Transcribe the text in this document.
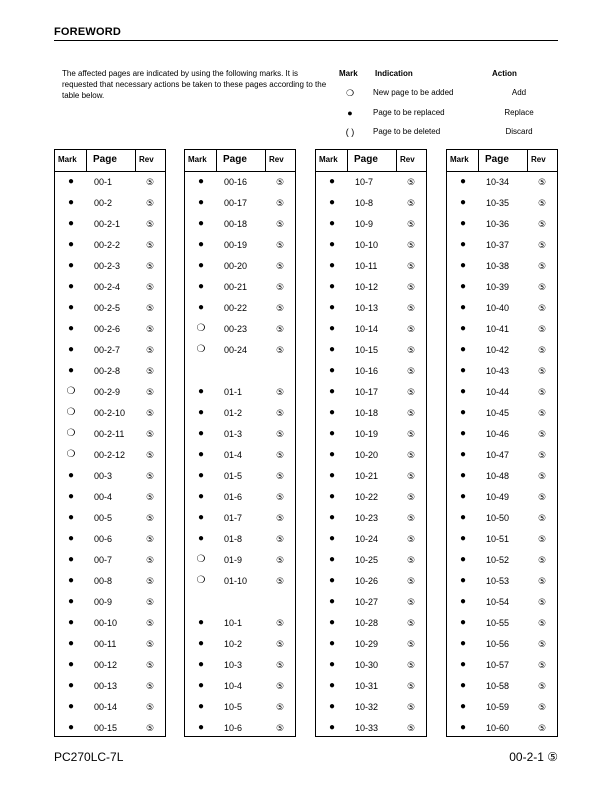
FOREWORD
The affected pages are indicated by using the following marks. It is requested that necessary actions be taken to these pages according to the table below.
Mark Indication	Action
❍	New page to be added	Add
●	Page to be replaced	Replace
( )	Page to be deleted	Discard
Mark Page	Rev
●	00-1	⑤
●	00-2	⑤
●	00-2-1	⑤
●	00-2-2	⑤
●	00-2-3	⑤
●	00-2-4	⑤
●	00-2-5	⑤
●	00-2-6	⑤
●	00-2-7	⑤
●	00-2-8	⑤
❍ 00-2-9	⑤
❍ 00-2-10 ⑤
❍ 00-2-11 ⑤
❍ 00-2-12 ⑤
●	00-3	⑤
●	00-4	⑤
●	00-5	⑤
●	00-6	⑤
●	00-7	⑤
●	00-8	⑤
●	00-9	⑤
●	00-10	⑤
●	00-11	⑤
●	00-12	⑤
●	00-13	⑤
●	00-14	⑤
●	00-15	⑤
Mark Page	Rev
●	00-16	⑤
●	00-17	⑤
●	00-18	⑤
●	00-19	⑤
●	00-20	⑤
●	00-21	⑤
●	00-22	⑤
❍ 00-23	⑤
❍ 00-24	⑤
●	01-1	⑤
●	01-2	⑤
●	01-3	⑤
●	01-4	⑤
●	01-5	⑤
●	01-6	⑤
●	01-7	⑤
●	01-8	⑤
❍ 01-9	⑤
❍ 01-10	⑤
●	10-1	⑤
●	10-2	⑤
●	10-3	⑤
●	10-4	⑤
●	10-5	⑤
●	10-6	⑤
Mark Page	Rev
●	10-7	⑤
●	10-8	⑤
●	10-9	⑤
●	10-10	⑤
●	10-11	⑤
●	10-12	⑤
●	10-13	⑤
●	10-14	⑤
●	10-15	⑤
●	10-16	⑤
●	10-17	⑤
●	10-18	⑤
●	10-19	⑤
●	10-20	⑤
●	10-21	⑤
●	10-22	⑤
●	10-23	⑤
●	10-24	⑤
●	10-25	⑤
●	10-26	⑤
●	10-27	⑤
●	10-28	⑤
●	10-29	⑤
●	10-30	⑤
●	10-31	⑤
●	10-32	⑤
●	10-33	⑤
Mark Page	Rev
●	10-34	⑤
●	10-35	⑤
●	10-36	⑤
●	10-37	⑤
●	10-38	⑤
●	10-39	⑤
●	10-40	⑤
●	10-41	⑤
●	10-42	⑤
●	10-43	⑤
●	10-44	⑤
●	10-45	⑤
●	10-46	⑤
●	10-47	⑤
●	10-48	⑤
●	10-49	⑤
●	10-50	⑤
●	10-51	⑤
●	10-52	⑤
●	10-53	⑤
●	10-54	⑤
●	10-55	⑤
●	10-56	⑤
●	10-57	⑤
●	10-58	⑤
●	10-59	⑤
●	10-60	⑤
PC270LC-7L	00-2-1 ⑤
